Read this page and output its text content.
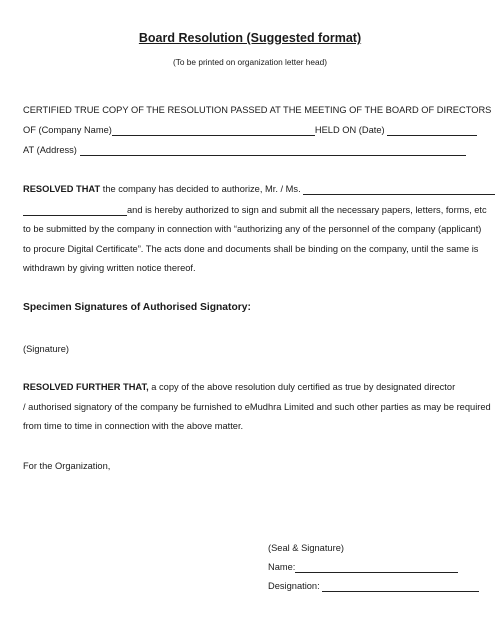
Board Resolution (Suggested format)
(To be printed on organization letter head)
CERTIFIED TRUE COPY OF THE RESOLUTION PASSED AT THE MEETING OF THE BOARD OF DIRECTORS
OF (Company Name)	HELD ON (Date)
AT (Address)
RESOLVED THAT the company has decided to authorize, Mr. / Ms.
and is hereby authorized to sign and submit all the necessary papers, letters, forms, etc
to be submitted by the company in connection with “authorizing any of the personnel of the company (applicant)
to procure Digital Certificate”. The acts done and documents shall be binding on the company, until the same is
withdrawn by giving written notice thereof.
Specimen Signatures of Authorised Signatory:
(Signature)
RESOLVED FURTHER THAT, a copy of the above resolution duly certified as true by designated director
/ authorised signatory of the company be furnished to eMudhra Limited and such other parties as may be required
from time to time in connection with the above matter.
For the Organization,
(Seal & Signature)
Name:
Designation:
